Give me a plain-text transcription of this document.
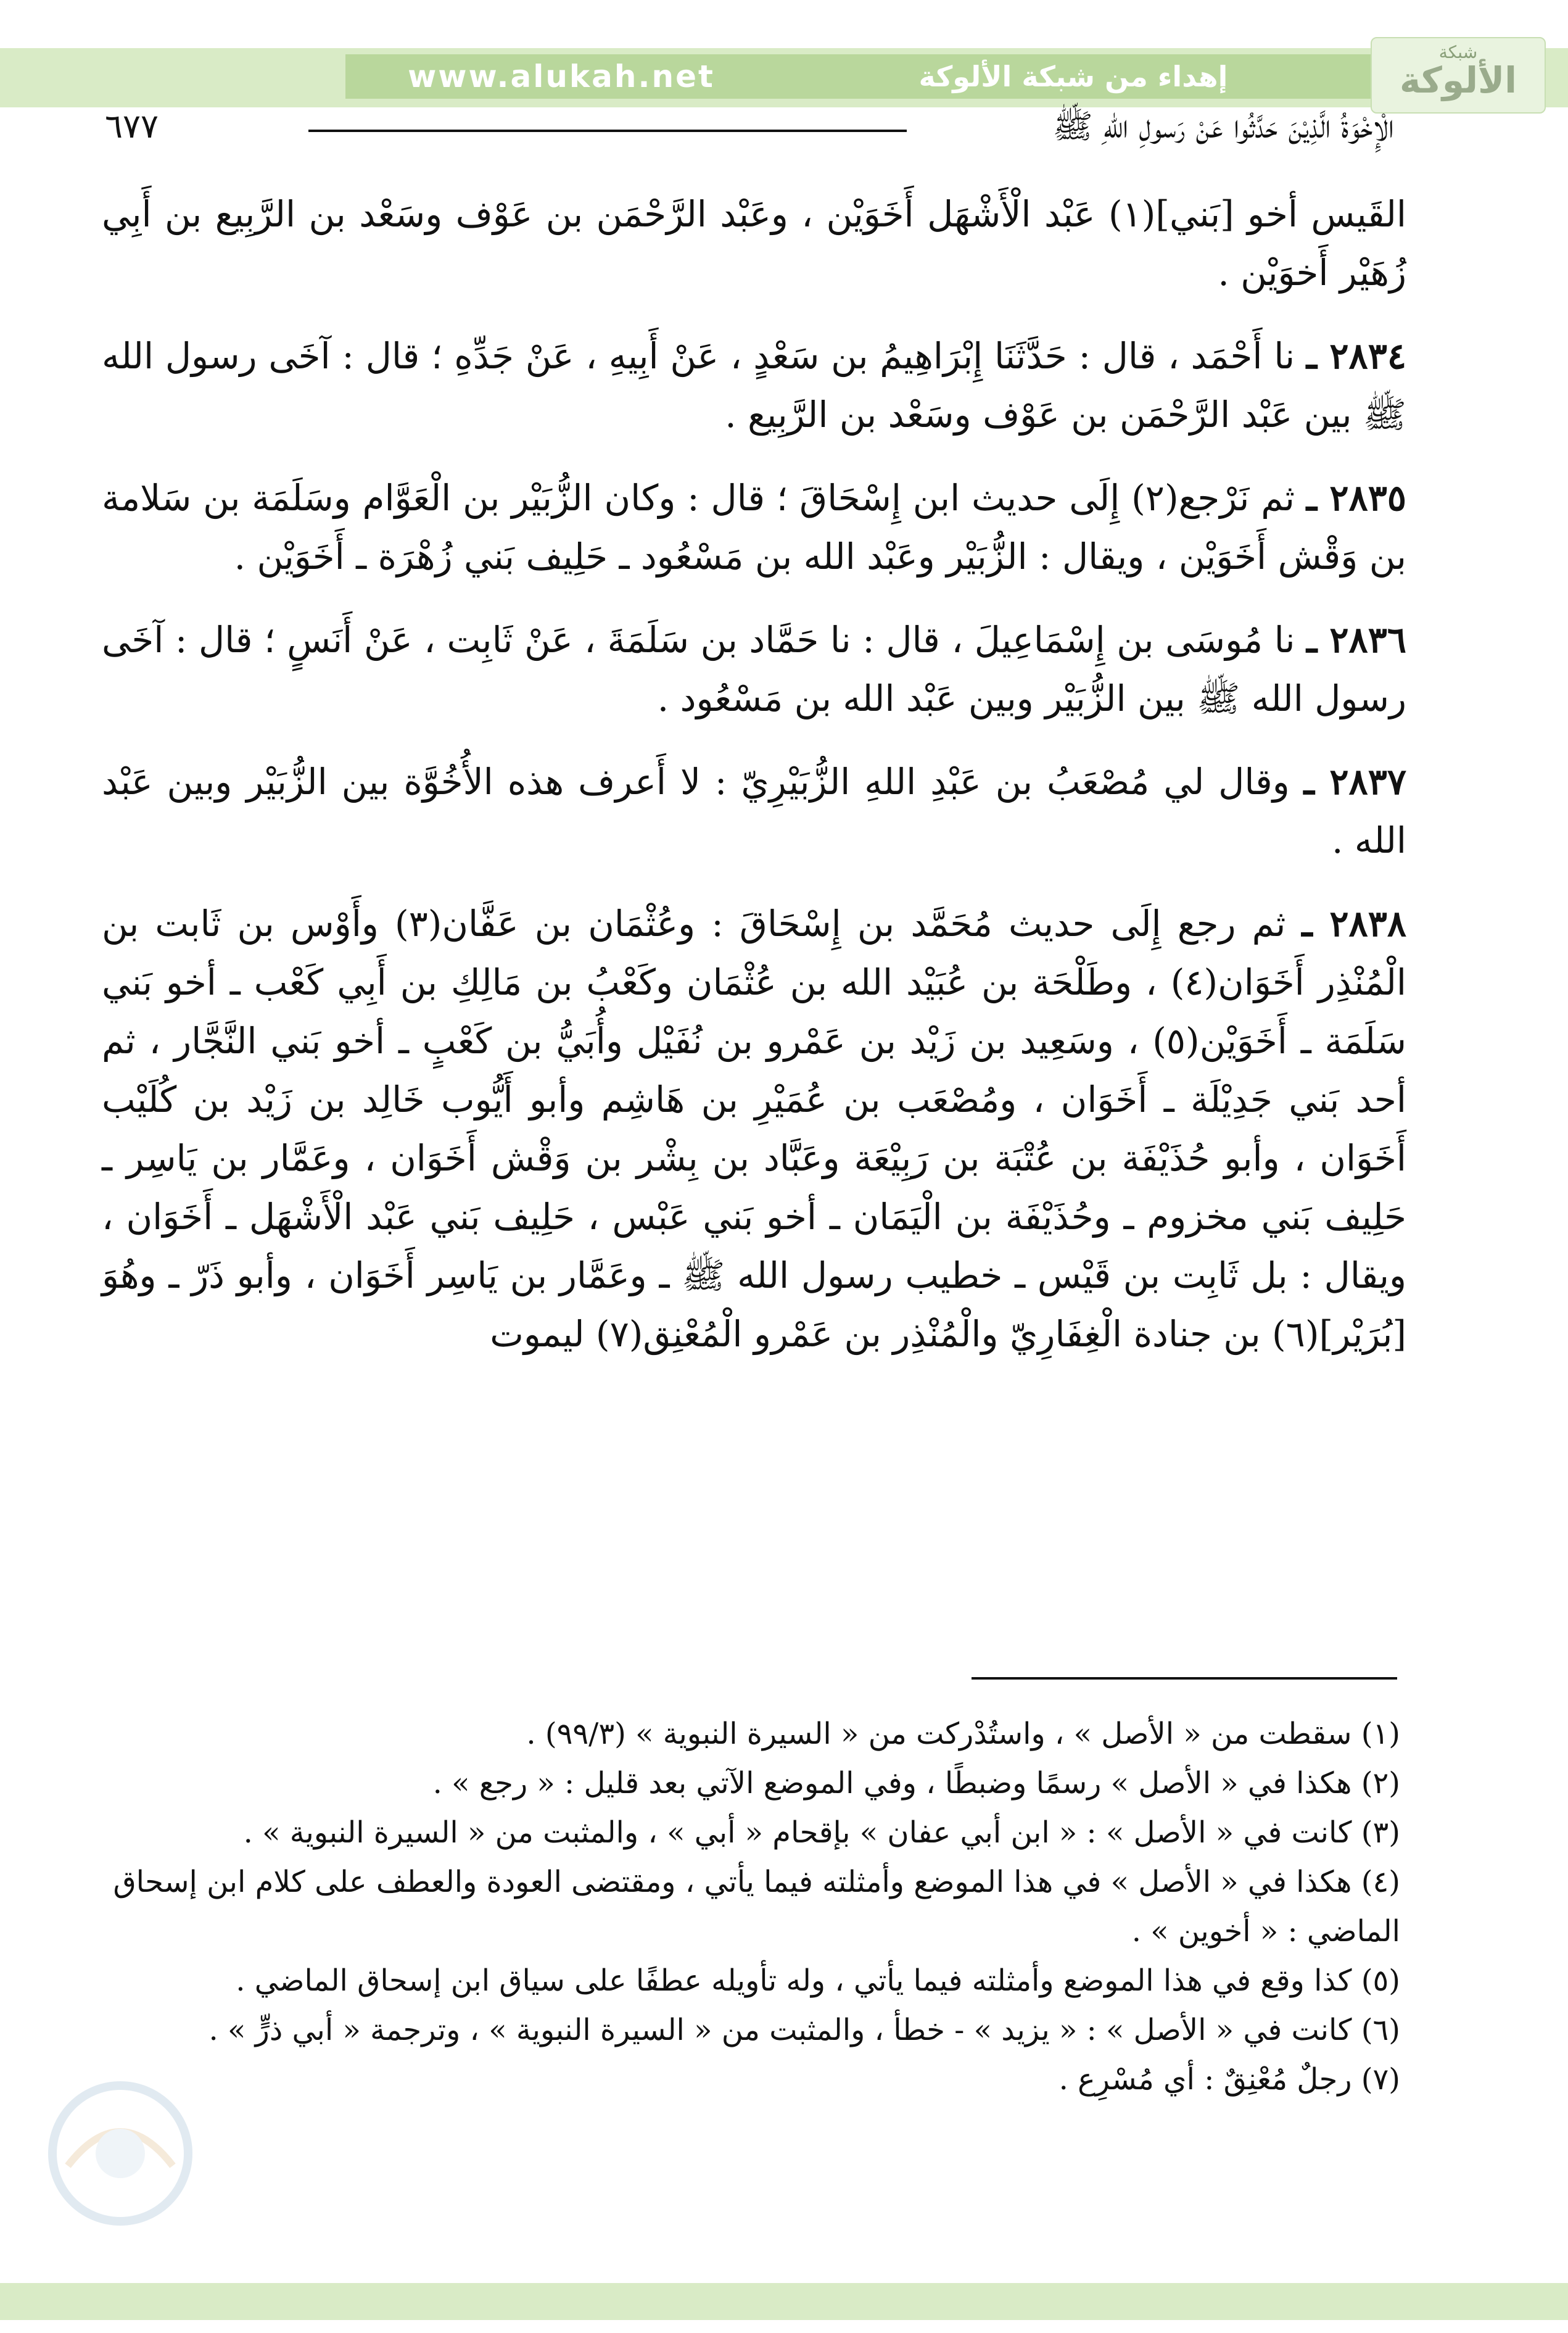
www.alukah.net	إهداء من شبكة الألوكة
شبكة
الألوكة
٦٧٧	الْإِخْوَةُ الَّذِيْنَ حَدَّثُوا عَنْ رَسولِ اللهِ ﷺ

القَيس أخو [بَني](١) عَبْد الْأَشْهَل أَخَوَيْن ، وعَبْد الرَّحْمَن بن عَوْف وسَعْد بن الرَّبِيع بن أَبِي زُهَيْر أَخوَيْن .

٢٨٣٤ ـ نا أَحْمَد ، قال : حَدَّثَنَا إِبْرَاهِيمُ بن سَعْدٍ ، عَنْ أَبِيهِ ، عَنْ جَدِّهِ ؛ قال : آخَى رسول الله ﷺ بين عَبْد الرَّحْمَن بن عَوْف وسَعْد بن الرَّبِيع .

٢٨٣٥ ـ ثم نَرْجع(٢) إِلَى حديث ابن إِسْحَاقَ ؛ قال : وكان الزُّبَيْر بن الْعَوَّام وسَلَمَة بن سَلامة بن وَقْش أَخَوَيْن ، ويقال : الزُّبَيْر وعَبْد الله بن مَسْعُود ـ حَلِيف بَني زُهْرَة ـ أَخَوَيْن .

٢٨٣٦ ـ نا مُوسَى بن إِسْمَاعِيلَ ، قال : نا حَمَّاد بن سَلَمَةَ ، عَنْ ثَابِت ، عَنْ أَنَسٍ ؛ قال : آخَى رسول الله ﷺ بين الزُّبَيْر وبين عَبْد الله بن مَسْعُود .

٢٨٣٧ ـ وقال لي مُصْعَبُ بن عَبْدِ اللهِ الزُّبَيْرِيّ : لا أَعرف هذه الأُخُوَّة بين الزُّبَيْر وبين عَبْد الله .

٢٨٣٨ ـ ثم رجع إِلَى حديث مُحَمَّد بن إِسْحَاقَ : وعُثْمَان بن عَفَّان(٣) وأَوْس بن ثَابت بن الْمُنْذِر أَخَوَان(٤) ، وطَلْحَة بن عُبَيْد الله بن عُثْمَان وكَعْبُ بن مَالِكِ بن أَبِي كَعْب ـ أخو بَني سَلَمَة ـ أَخَوَيْن(٥) ، وسَعِيد بن زَيْد بن عَمْرو بن نُفَيْل وأُبَيُّ بن كَعْبٍ ـ أخو بَني النَّجَّار ، ثم أحد بَني جَدِيْلَة ـ أَخَوَان ، ومُصْعَب بن عُمَيْرِ بن هَاشِم وأبو أَيُّوب خَالِد بن زَيْد بن كُلَيْب أَخَوَان ، وأبو حُذَيْفَة بن عُتْبَة بن رَبِيْعَة وعَبَّاد بن بِشْر بن وَقْش أَخَوَان ، وعَمَّار بن يَاسِر ـ حَلِيف بَني مخزوم ـ وحُذَيْفَة بن الْيَمَان ـ أخو بَني عَبْس ، حَلِيف بَني عَبْد الْأَشْهَل ـ أَخَوَان ، ويقال : بل ثَابِت بن قَيْس ـ خطيب رسول الله ﷺ ـ وعَمَّار بن يَاسِر أَخَوَان ، وأبو ذَرّ ـ وهُوَ [بُرَيْر](٦) بن جنادة الْغِفَارِيّ والْمُنْذِر بن عَمْرو الْمُعْنِق(٧) ليموت

(١) سقطت من « الأصل » ، واستُدْركت من « السيرة النبوية » (٩٩/٣) .

(٢) هكذا في « الأصل » رسمًا وضبطًا ، وفي الموضع الآتي بعد قليل : « رجع » .

(٣) كانت في « الأصل » : « ابن أبي عفان » بإقحام « أبي » ، والمثبت من « السيرة النبوية » .

(٤) هكذا في « الأصل » في هذا الموضع وأمثلته فيما يأتي ، ومقتضى العودة والعطف على كلام ابن إسحاق الماضي : « أخوين » .

(٥) كذا وقع في هذا الموضع وأمثلته فيما يأتي ، وله تأويله عطفًا على سياق ابن إسحاق الماضي .

(٦) كانت في « الأصل » : « يزيد » - خطأ ، والمثبت من « السيرة النبوية » ، وترجمة « أبي ذرٍّ » .

(٧) رجلٌ مُعْنِقٌ : أي مُسْرِع .
